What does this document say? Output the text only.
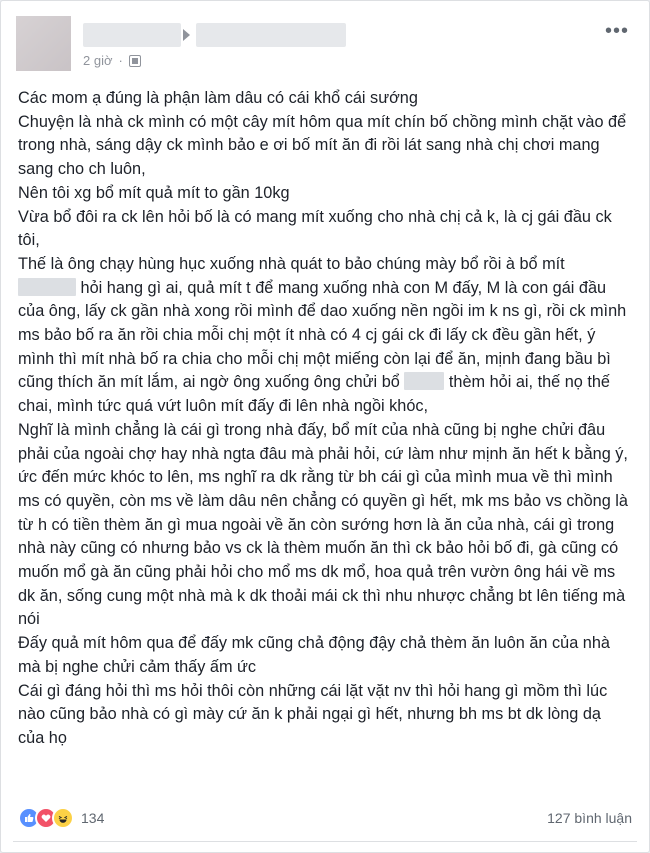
2 giờ ·
•••

Các mom ạ đúng là phận làm dâu có cái khổ cái sướng

Chuyện là nhà ck mình có một cây mít hôm qua mít chín bố chồng mình chặt vào để trong nhà, sáng dậy ck mình bảo e ơi bố mít ăn đi rồi lát sang nhà chị chơi mang sang cho ch luôn,

Nên tôi xg bổ mít quả mít to gần 10kg

Vừa bổ đôi ra ck lên hỏi bố là có mang mít xuống cho nhà chị cả k, là cj gái đầu ck tôi,

Thế là ông chạy hùng hục xuống nhà quát to bảo chúng mày bổ rồi à bổ mít
hỏi hang gì ai, quả mít t để mang xuống nhà con M đấy, M là con gái đầu của ông, lấy ck gần nhà xong rồi mình để dao xuống nền ngồi im k ns gì, rồi ck mình ms bảo bố ra ăn rồi chia mỗi chị một ít nhà có 4 cj gái ck đi lấy ck đều gần hết, ý mình thì mít nhà bố ra chia cho mỗi chị một miếng còn lại để ăn, mịnh đang bầu bì cũng thích ăn mít lắm, ai ngờ ông xuống ông chửi bổ	thèm hỏi ai, thế nọ thế chai, mình tức quá vứt luôn mít đấy đi lên nhà ngồi khóc,

Nghĩ là mình chẳng là cái gì trong nhà đấy, bổ mít của nhà cũng bị nghe chửi đâu phải của ngoài chợ hay nhà ngta đâu mà phải hỏi, cứ làm như mịnh ăn hết k bằng ý, ức đến mức khóc to lên, ms nghĩ ra dk rằng từ bh cái gì của mình mua về thì mình ms có quyền, còn ms về làm dâu nên chẳng có quyền gì hết, mk ms bảo vs chồng là từ h có tiền thèm ăn gì mua ngoài về ăn còn sướng hơn là ăn của nhà, cái gì trong nhà này cũng có nhưng bảo vs ck là thèm muốn ăn thì ck bảo hỏi bố đi, gà cũng có muốn mổ gà ăn cũng phải hỏi cho mổ ms dk mổ, hoa quả trên vườn ông hái về ms dk ăn, sống cung một nhà mà k dk thoải mái ck thì nhu nhược chẳng bt lên tiếng mà nói

Đấy quả mít hôm qua để đấy mk cũng chả động đậy chả thèm ăn luôn ăn của nhà mà bị nghe chửi cảm thấy ấm ức

Cái gì đáng hỏi thì ms hỏi thôi còn những cái lặt vặt nv thì hỏi hang gì mồm thì lúc nào cũng bảo nhà có gì mày cứ ăn k phải ngại gì hết, nhưng bh ms bt dk lòng dạ của họ

134	127 bình luận
